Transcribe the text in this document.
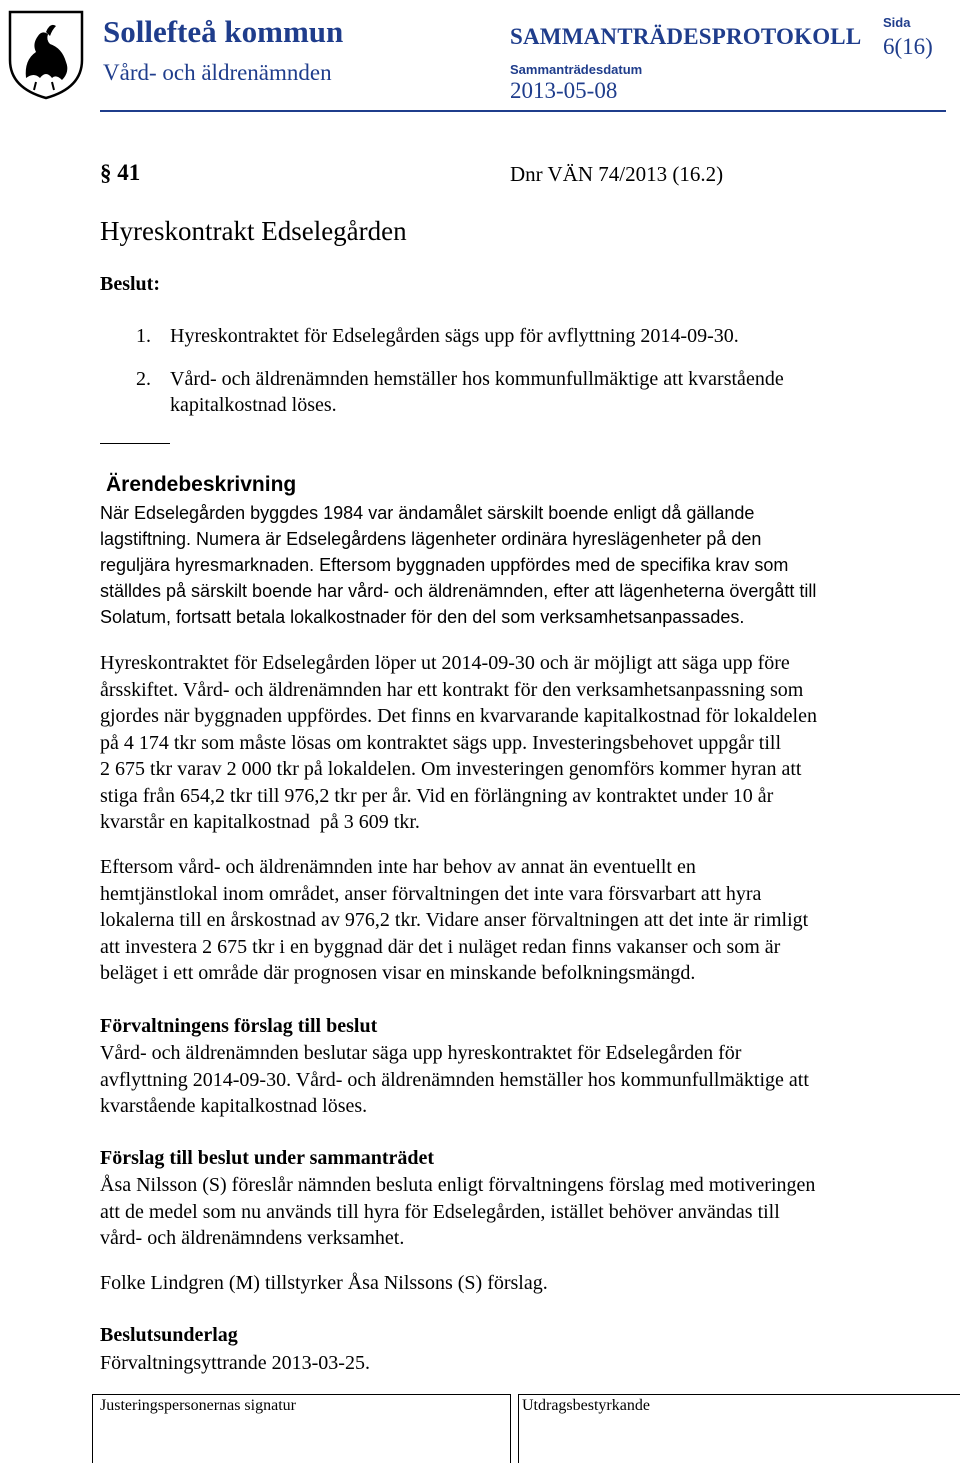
Sollefteå kommun
Vård- och äldrenämnden
SAMMANTRÄDESPROTOKOLL
Sammanträdesdatum
2013-05-08
Sida
6(16)
§ 41	Dnr VÄN 74/2013 (16.2)
Hyreskontrakt Edselegården
Beslut:
1. Hyreskontraktet för Edselegården sägs upp för avflyttning 2014-09-30.
2. Vård- och äldrenämnden hemställer hos kommunfullmäktige att kvarstående
kapitalkostnad löses.
Ärendebeskrivning
När Edselegården byggdes 1984 var ändamålet särskilt boende enligt då gällande
lagstiftning. Numera är Edselegårdens lägenheter ordinära hyreslägenheter på den
reguljära hyresmarknaden. Eftersom byggnaden uppfördes med de specifika krav som
ställdes på särskilt boende har vård- och äldrenämnden, efter att lägenheterna övergått till
Solatum, fortsatt betala lokalkostnader för den del som verksamhetsanpassades.
Hyreskontraktet för Edselegården löper ut 2014-09-30 och är möjligt att säga upp före
årsskiftet. Vård- och äldrenämnden har ett kontrakt för den verksamhetsanpassning som
gjordes när byggnaden uppfördes. Det finns en kvarvarande kapitalkostnad för lokaldelen
på 4 174 tkr som måste lösas om kontraktet sägs upp. Investeringsbehovet uppgår till
2 675 tkr varav 2 000 tkr på lokaldelen. Om investeringen genomförs kommer hyran att
stiga från 654,2 tkr till 976,2 tkr per år. Vid en förlängning av kontraktet under 10 år
kvarstår en kapitalkostnad  på 3 609 tkr.
Eftersom vård- och äldrenämnden inte har behov av annat än eventuellt en
hemtjänstlokal inom området, anser förvaltningen det inte vara försvarbart att hyra
lokalerna till en årskostnad av 976,2 tkr. Vidare anser förvaltningen att det inte är rimligt
att investera 2 675 tkr i en byggnad där det i nuläget redan finns vakanser och som är
beläget i ett område där prognosen visar en minskande befolkningsmängd.
Förvaltningens förslag till beslut
Vård- och äldrenämnden beslutar säga upp hyreskontraktet för Edselegården för
avflyttning 2014-09-30. Vård- och äldrenämnden hemställer hos kommunfullmäktige att
kvarstående kapitalkostnad löses.
Förslag till beslut under sammanträdet
Åsa Nilsson (S) föreslår nämnden besluta enligt förvaltningens förslag med motiveringen
att de medel som nu används till hyra för Edselegården, istället behöver användas till
vård- och äldrenämndens verksamhet.
Folke Lindgren (M) tillstyrker Åsa Nilssons (S) förslag.
Beslutsunderlag
Förvaltningsyttrande 2013-03-25.
Justeringspersonernas signatur	Utdragsbestyrkande
